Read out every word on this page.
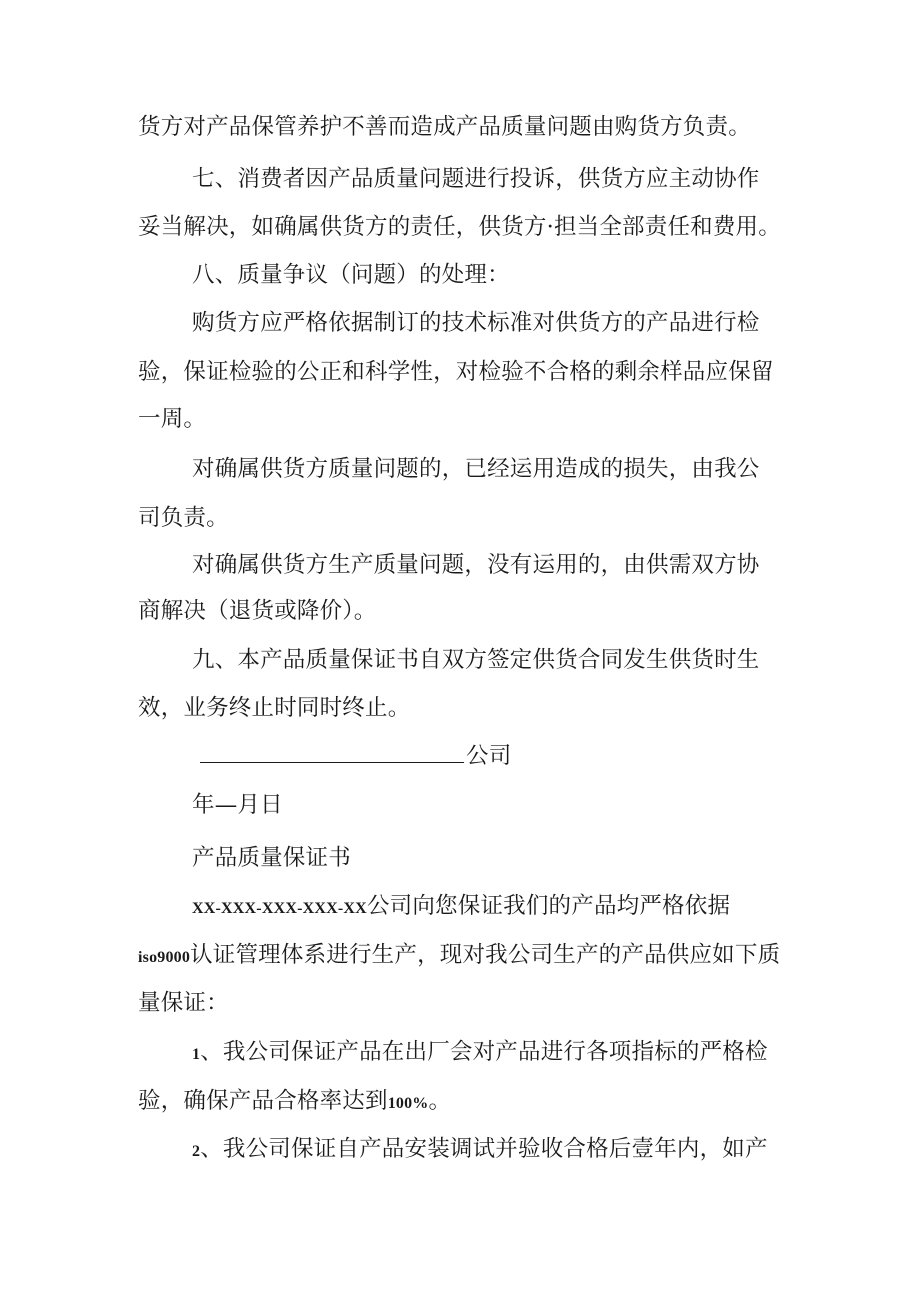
货方对产品保管养护不善而造成产品质量问题由购货方负责。
七、消费者因产品质量问题进行投诉，供货方应主动协作
妥当解决，如确属供货方的责任，供货方·担当全部责任和费用。
八、质量争议（问题）的处理：
购货方应严格依据制订的技术标准对供货方的产品进行检
验，保证检验的公正和科学性，对检验不合格的剩余样品应保留
一周。
对确属供货方质量问题的，已经运用造成的损失，由我公
司负责。
对确属供货方生产质量问题，没有运用的，由供需双方协
商解决（退货或降价）。
九、本产品质量保证书自双方签定供货合同发生供货时生
效，业务终止时同时终止。
公司
年—月日
产品质量保证书
XX-XXX-XXX-XXX-XX公司向您保证我们的产品均严格依据
iso9000认证管理体系进行生产，现对我公司生产的产品供应如下质
量保证：
1、我公司保证产品在出厂会对产品进行各项指标的严格检
验，确保产品合格率达到100%。
2、我公司保证自产品安装调试并验收合格后壹年内，如产
